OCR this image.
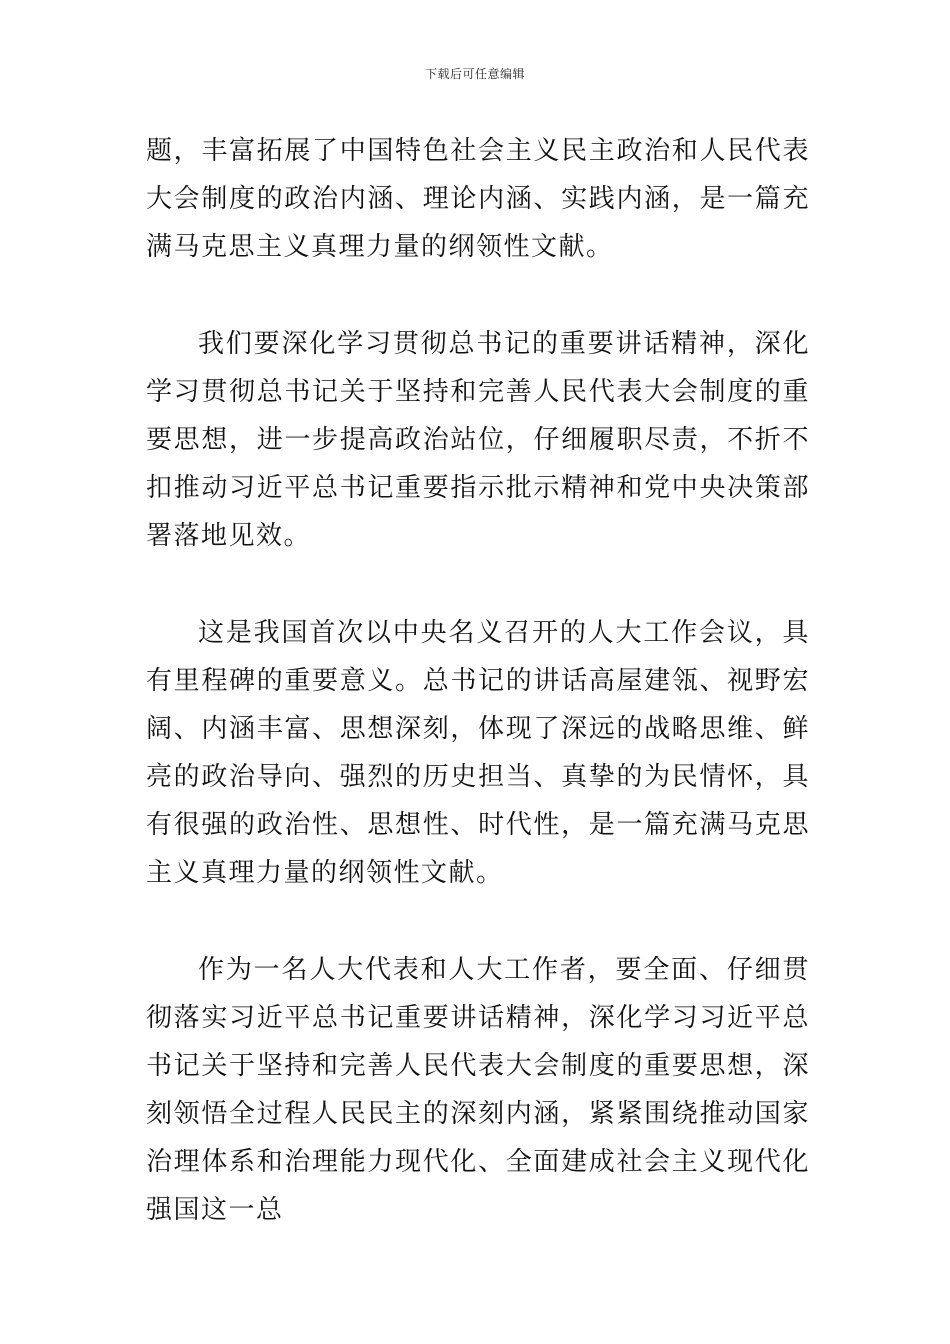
下载后可任意编辑

题，丰富拓展了中国特色社会主义民主政治和人民代表大会制度的政治内涵、理论内涵、实践内涵，是一篇充满马克思主义真理力量的纲领性文献。

我们要深化学习贯彻总书记的重要讲话精神，深化学习贯彻总书记关于坚持和完善人民代表大会制度的重要思想，进一步提高政治站位，仔细履职尽责，不折不扣推动习近平总书记重要指示批示精神和党中央决策部署落地见效。

这是我国首次以中央名义召开的人大工作会议，具有里程碑的重要意义。总书记的讲话高屋建瓴、视野宏阔、内涵丰富、思想深刻，体现了深远的战略思维、鲜亮的政治导向、强烈的历史担当、真挚的为民情怀，具有很强的政治性、思想性、时代性，是一篇充满马克思主义真理力量的纲领性文献。

作为一名人大代表和人大工作者，要全面、仔细贯彻落实习近平总书记重要讲话精神，深化学习习近平总书记关于坚持和完善人民代表大会制度的重要思想，深刻领悟全过程人民民主的深刻内涵，紧紧围绕推动国家治理体系和治理能力现代化、全面建成社会主义现代化强国这一总
